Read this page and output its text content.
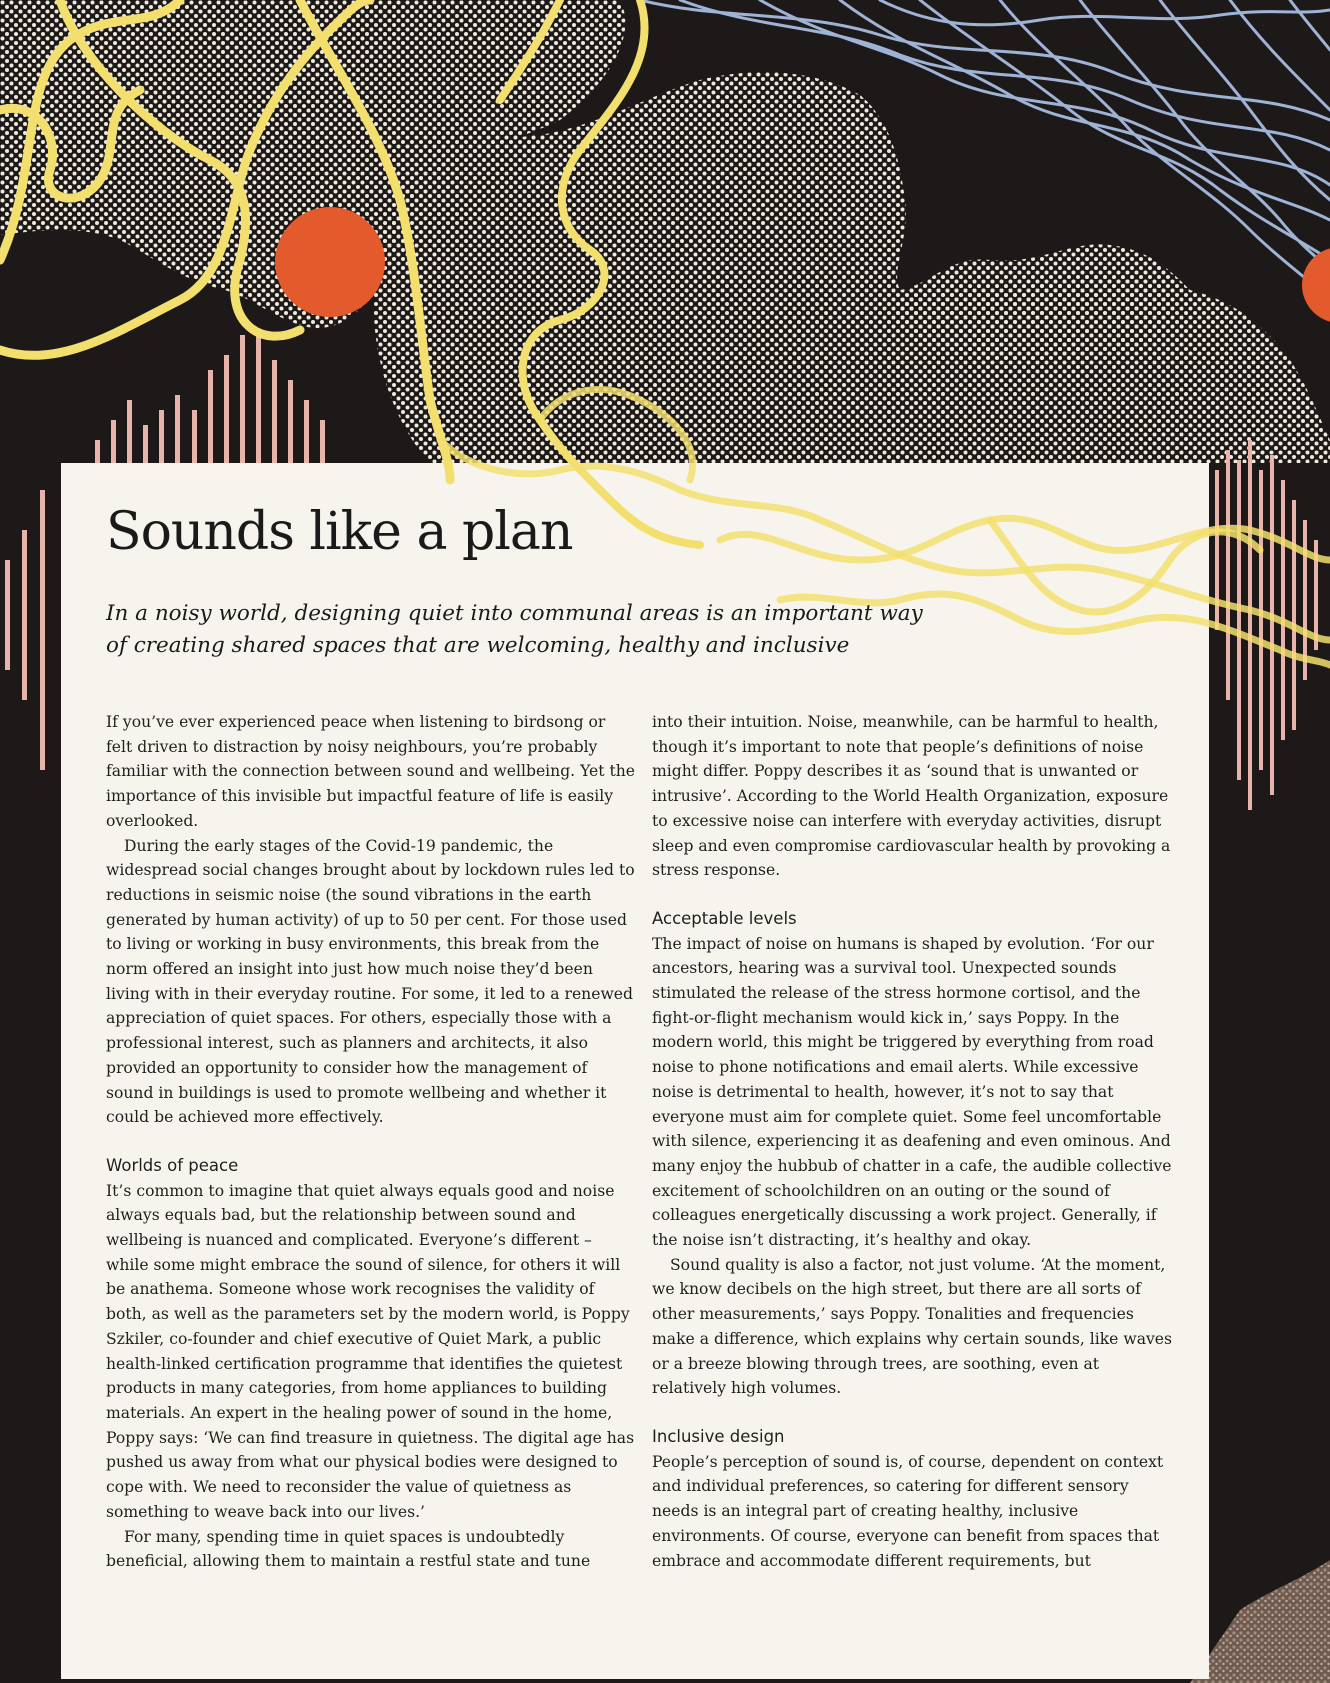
Sounds like a plan

In a noisy world, designing quiet into communal areas is an important way of creating shared spaces that are welcoming, healthy and inclusive

If you’ve ever experienced peace when listening to birdsong or felt driven to distraction by noisy neighbours, you’re probably familiar with the connection between sound and wellbeing. Yet the importance of this invisible but impactful feature of life is easily overlooked.

During the early stages of the Covid-19 pandemic, the widespread social changes brought about by lockdown rules led to reductions in seismic noise (the sound vibrations in the earth generated by human activity) of up to 50 per cent. For those used to living or working in busy environments, this break from the norm offered an insight into just how much noise they’d been living with in their everyday routine. For some, it led to a renewed appreciation of quiet spaces. For others, especially those with a professional interest, such as planners and architects, it also provided an opportunity to consider how the management of sound in buildings is used to promote wellbeing and whether it could be achieved more effectively.

Worlds of peace

It’s common to imagine that quiet always equals good and noise always equals bad, but the relationship between sound and wellbeing is nuanced and complicated. Everyone’s different – while some might embrace the sound of silence, for others it will be anathema. Someone whose work recognises the validity of both, as well as the parameters set by the modern world, is Poppy Szkiler, co-founder and chief executive of Quiet Mark, a public health-linked certification programme that identifies the quietest products in many categories, from home appliances to building materials. An expert in the healing power of sound in the home, Poppy says: ‘We can find treasure in quietness. The digital age has pushed us away from what our physical bodies were designed to cope with. We need to reconsider the value of quietness as something to weave back into our lives.’

For many, spending time in quiet spaces is undoubtedly beneficial, allowing them to maintain a restful state and tune

into their intuition. Noise, meanwhile, can be harmful to health, though it’s important to note that people’s definitions of noise might differ. Poppy describes it as ‘sound that is unwanted or intrusive’. According to the World Health Organization, exposure to excessive noise can interfere with everyday activities, disrupt sleep and even compromise cardiovascular health by provoking a stress response.

Acceptable levels

The impact of noise on humans is shaped by evolution. ‘For our ancestors, hearing was a survival tool. Unexpected sounds stimulated the release of the stress hormone cortisol, and the fight-or-flight mechanism would kick in,’ says Poppy. In the modern world, this might be triggered by everything from road noise to phone notifications and email alerts. While excessive noise is detrimental to health, however, it’s not to say that everyone must aim for complete quiet. Some feel uncomfortable with silence, experiencing it as deafening and even ominous. And many enjoy the hubbub of chatter in a cafe, the audible collective excitement of schoolchildren on an outing or the sound of colleagues energetically discussing a work project. Generally, if the noise isn’t distracting, it’s healthy and okay.

Sound quality is also a factor, not just volume. ‘At the moment, we know decibels on the high street, but there are all sorts of other measurements,’ says Poppy. Tonalities and frequencies make a difference, which explains why certain sounds, like waves or a breeze blowing through trees, are soothing, even at relatively high volumes.

Inclusive design

People’s perception of sound is, of course, dependent on context and individual preferences, so catering for different sensory needs is an integral part of creating healthy, inclusive environments. Of course, everyone can benefit from spaces that embrace and accommodate different requirements, but
